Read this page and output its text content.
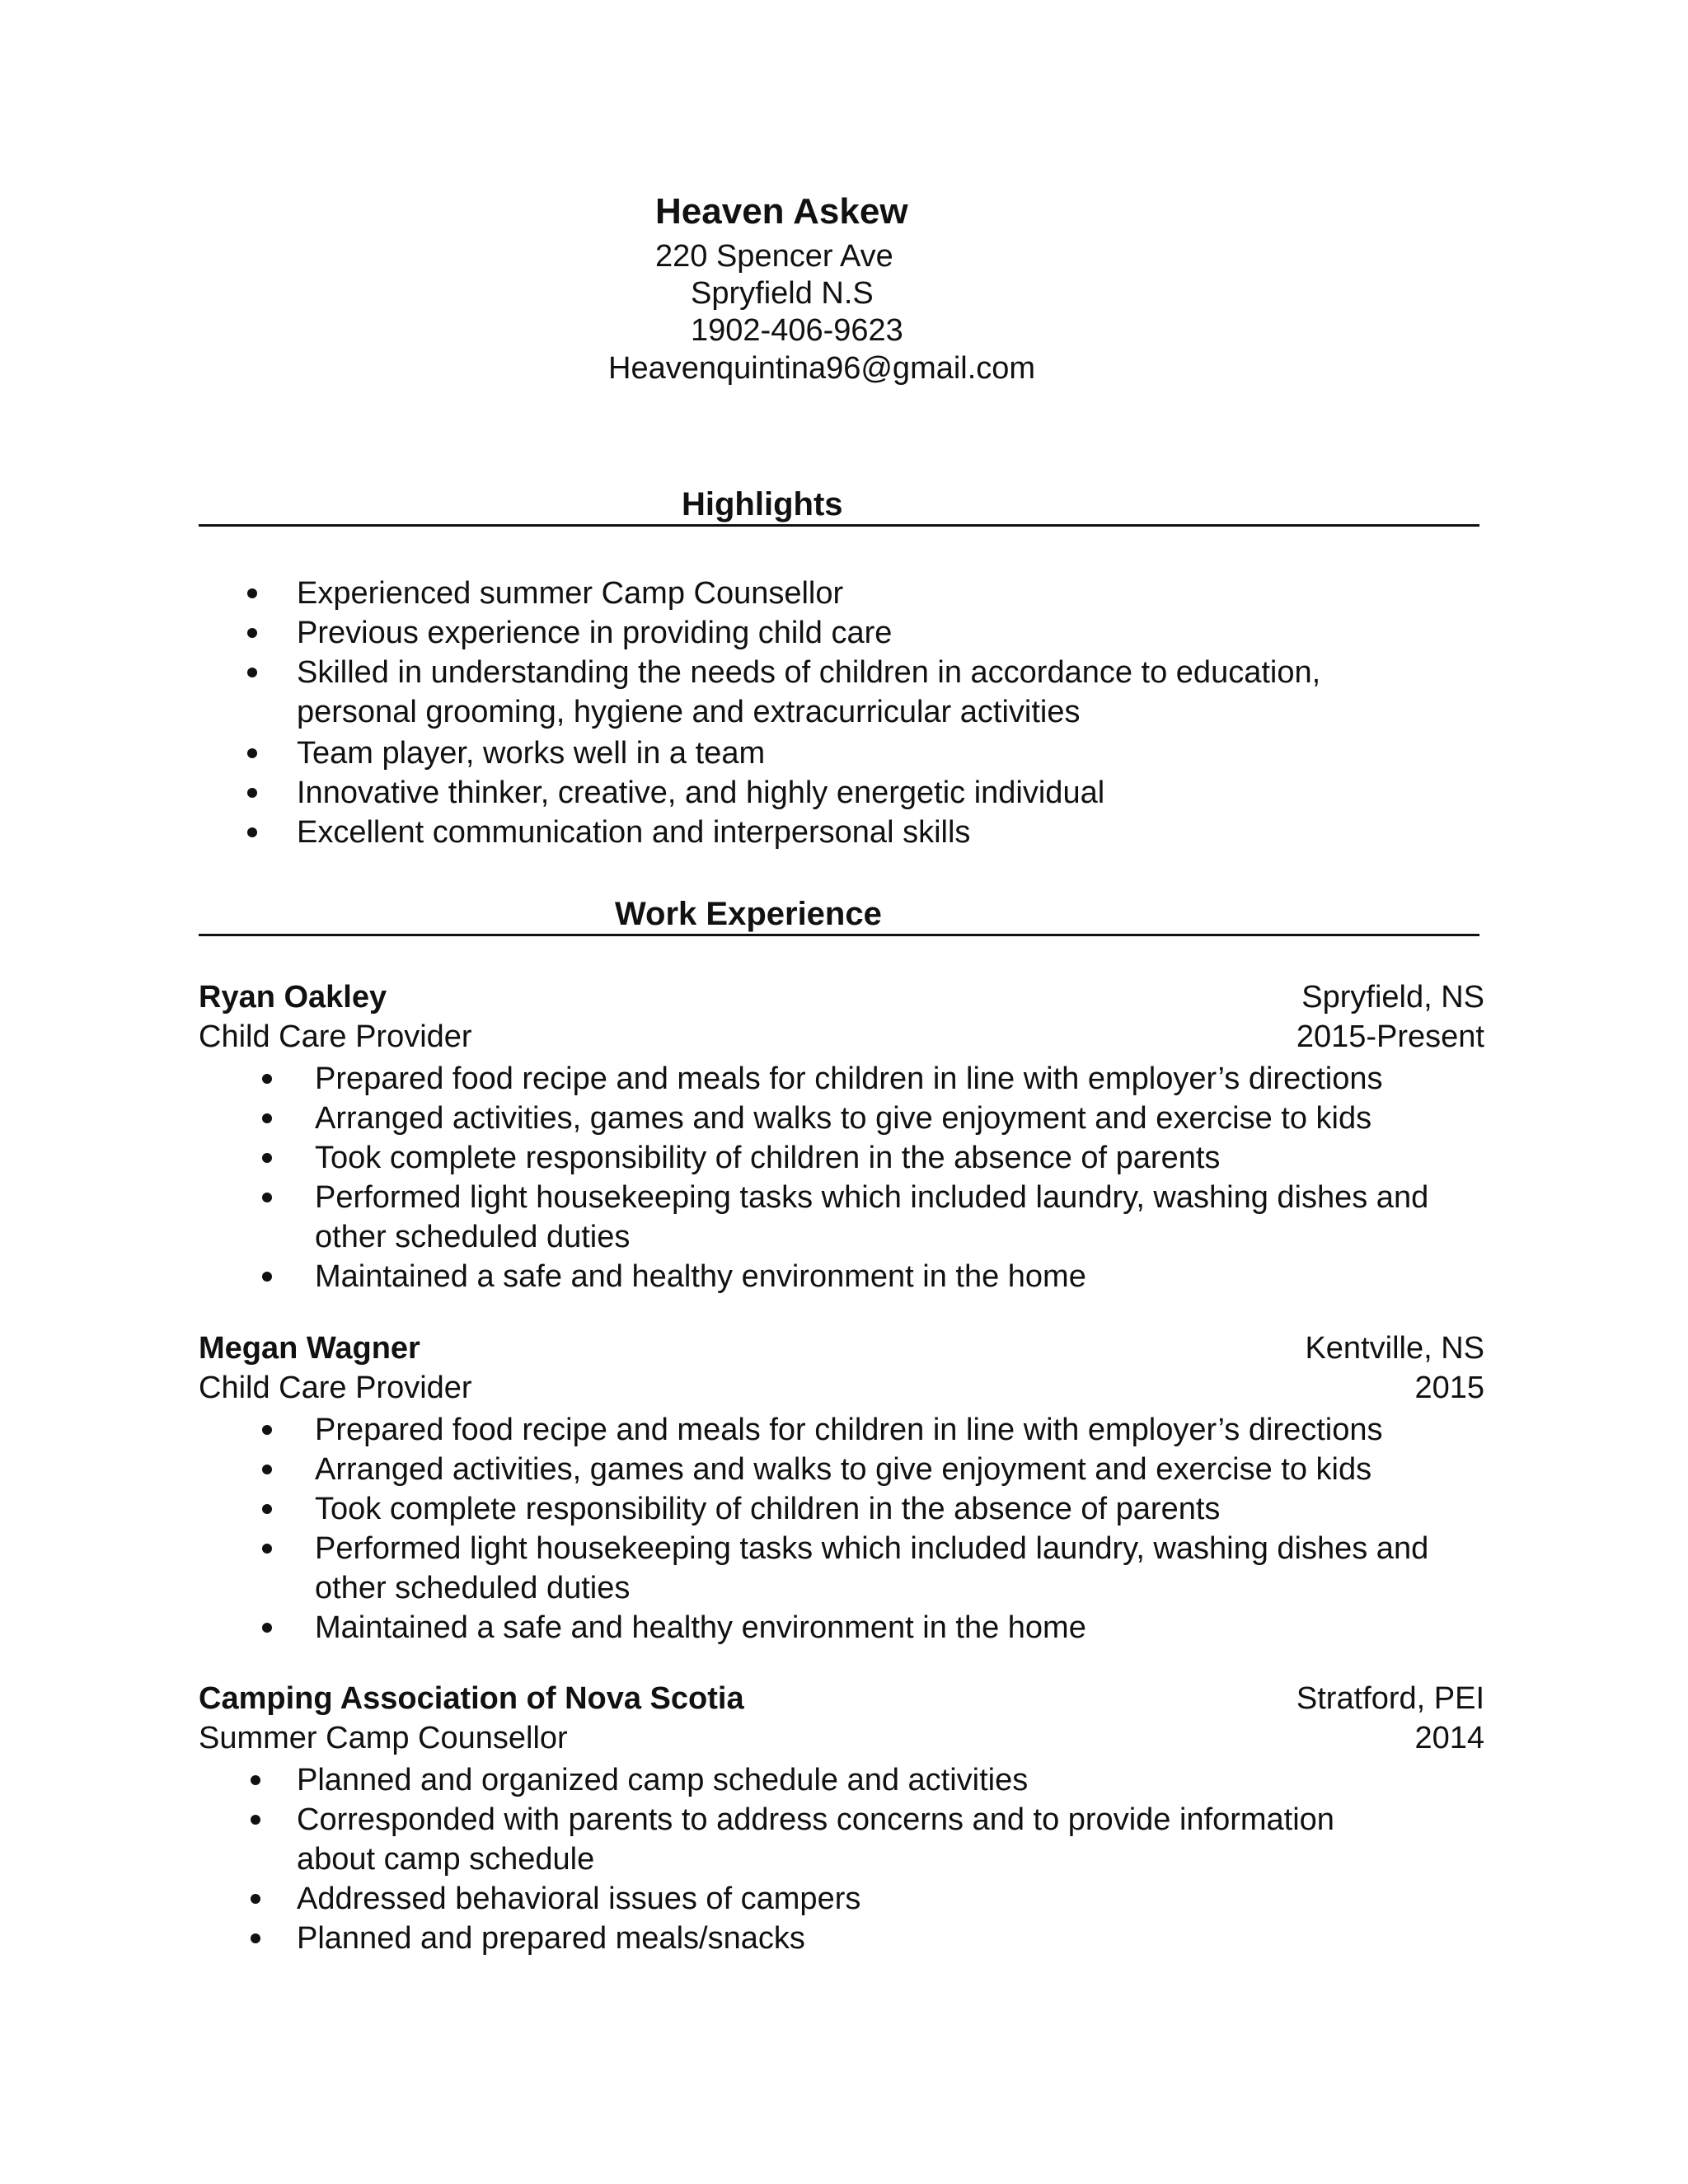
Heaven Askew
220 Spencer Ave
Spryfield N.S
1902-406-9623
Heavenquintina96@gmail.com
Highlights
Experienced summer Camp Counsellor
Previous experience in providing child care
Skilled in understanding the needs of children in accordance to education, personal grooming, hygiene and extracurricular activities
Team player, works well in a team
Innovative thinker, creative, and highly energetic individual
Excellent communication and interpersonal skills
Work Experience
Ryan Oakley	Spryfield, NS
Child Care Provider	2015-Present
Prepared food recipe and meals for children in line with employer’s directions
Arranged activities, games and walks to give enjoyment and exercise to kids
Took complete responsibility of children in the absence of parents
Performed light housekeeping tasks which included laundry, washing dishes and other scheduled duties
Maintained a safe and healthy environment in the home
Megan Wagner	Kentville, NS
Child Care Provider	2015
Prepared food recipe and meals for children in line with employer’s directions
Arranged activities, games and walks to give enjoyment and exercise to kids
Took complete responsibility of children in the absence of parents
Performed light housekeeping tasks which included laundry, washing dishes and other scheduled duties
Maintained a safe and healthy environment in the home
Camping Association of Nova Scotia	Stratford, PEI
Summer Camp Counsellor	2014
Planned and organized camp schedule and activities
Corresponded with parents to address concerns and to provide information about camp schedule
Addressed behavioral issues of campers
Planned and prepared meals/snacks
